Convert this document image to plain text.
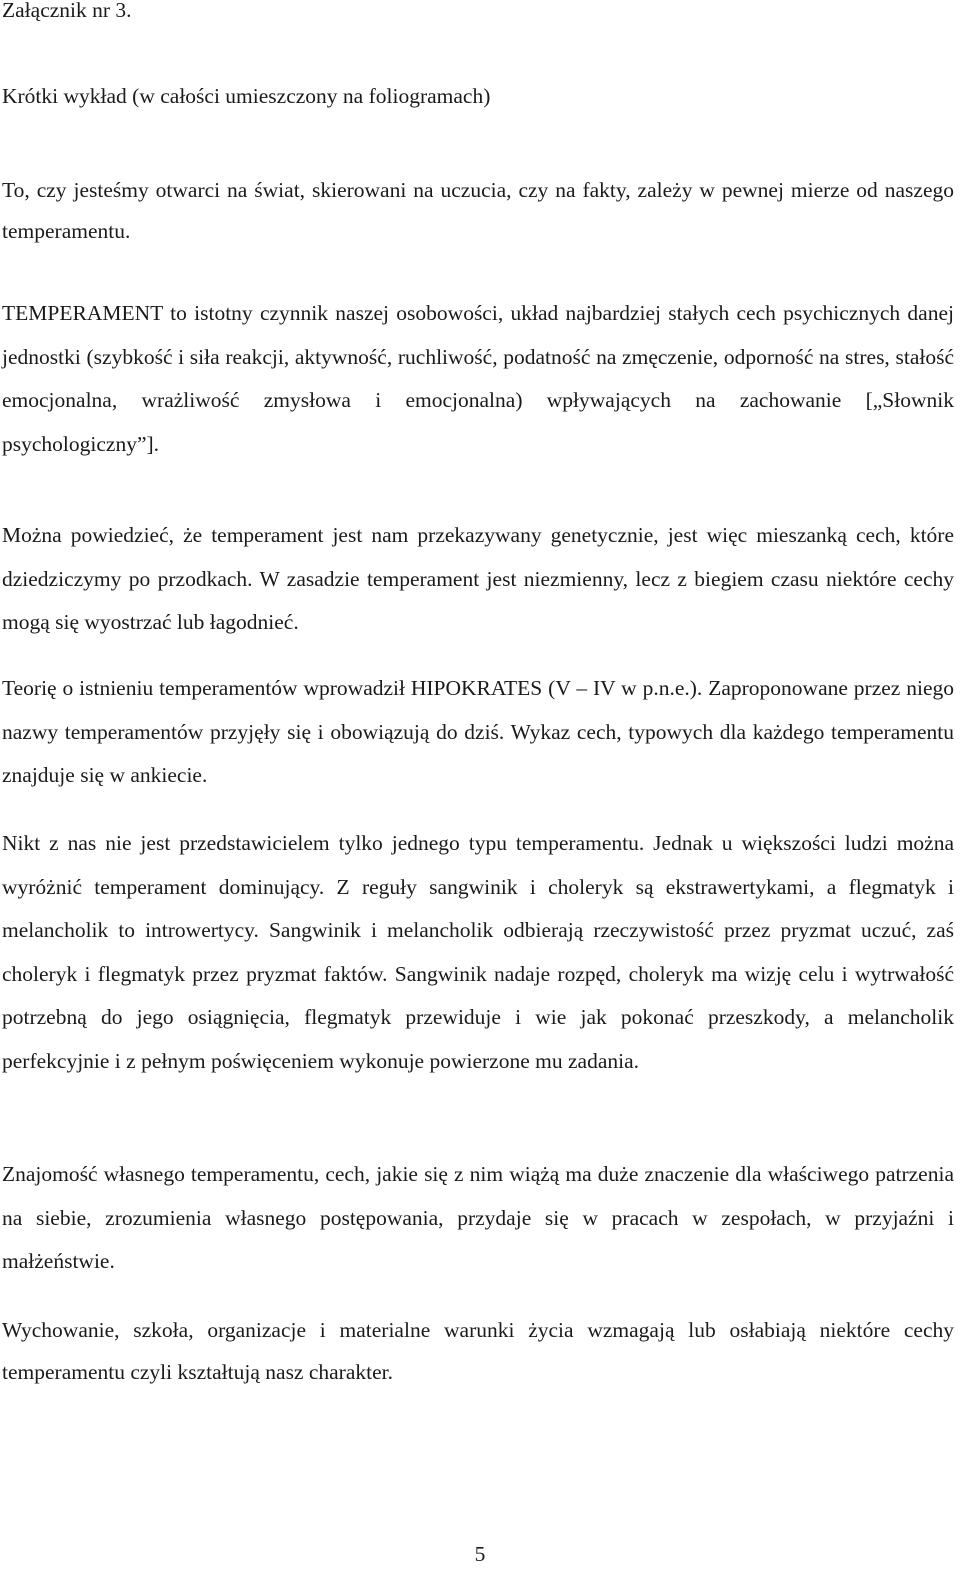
Załącznik nr 3.

Krótki wykład (w całości umieszczony na foliogramach)

To, czy jesteśmy otwarci na świat, skierowani na uczucia, czy na fakty, zależy w pewnej mierze od naszego temperamentu.

TEMPERAMENT to istotny czynnik naszej osobowości, układ najbardziej stałych cech psychicznych danej jednostki (szybkość i siła reakcji, aktywność, ruchliwość, podatność na zmęczenie, odporność na stres, stałość emocjonalna, wrażliwość zmysłowa i emocjonalna) wpływających na zachowanie [„Słownik psychologiczny”].

Można powiedzieć, że temperament jest nam przekazywany genetycznie, jest więc mieszanką cech, które dziedziczymy po przodkach. W zasadzie temperament jest niezmienny, lecz z biegiem czasu niektóre cechy mogą się wyostrzać lub łagodnieć.

Teorię o istnieniu temperamentów wprowadził HIPOKRATES (V – IV w p.n.e.). Zaproponowane przez niego nazwy temperamentów przyjęły się i obowiązują do dziś. Wykaz cech, typowych dla każdego temperamentu znajduje się w ankiecie.

Nikt z nas nie jest przedstawicielem tylko jednego typu temperamentu. Jednak u większości ludzi można wyróżnić temperament dominujący. Z reguły sangwinik i choleryk są ekstrawertykami, a flegmatyk i melancholik to introwertycy. Sangwinik i melancholik odbierają rzeczywistość przez pryzmat uczuć, zaś choleryk i flegmatyk przez pryzmat faktów. Sangwinik nadaje rozpęd, choleryk ma wizję celu i wytrwałość potrzebną do jego osiągnięcia, flegmatyk przewiduje i wie jak pokonać przeszkody, a melancholik perfekcyjnie i z pełnym poświęceniem wykonuje powierzone mu zadania.

Znajomość własnego temperamentu, cech, jakie się z nim wiążą ma duże znaczenie dla właściwego patrzenia na siebie, zrozumienia własnego postępowania, przydaje się w pracach w zespołach, w przyjaźni i małżeństwie.

Wychowanie, szkoła, organizacje i materialne warunki życia wzmagają lub osłabiają niektóre cechy temperamentu czyli kształtują nasz charakter.

5
